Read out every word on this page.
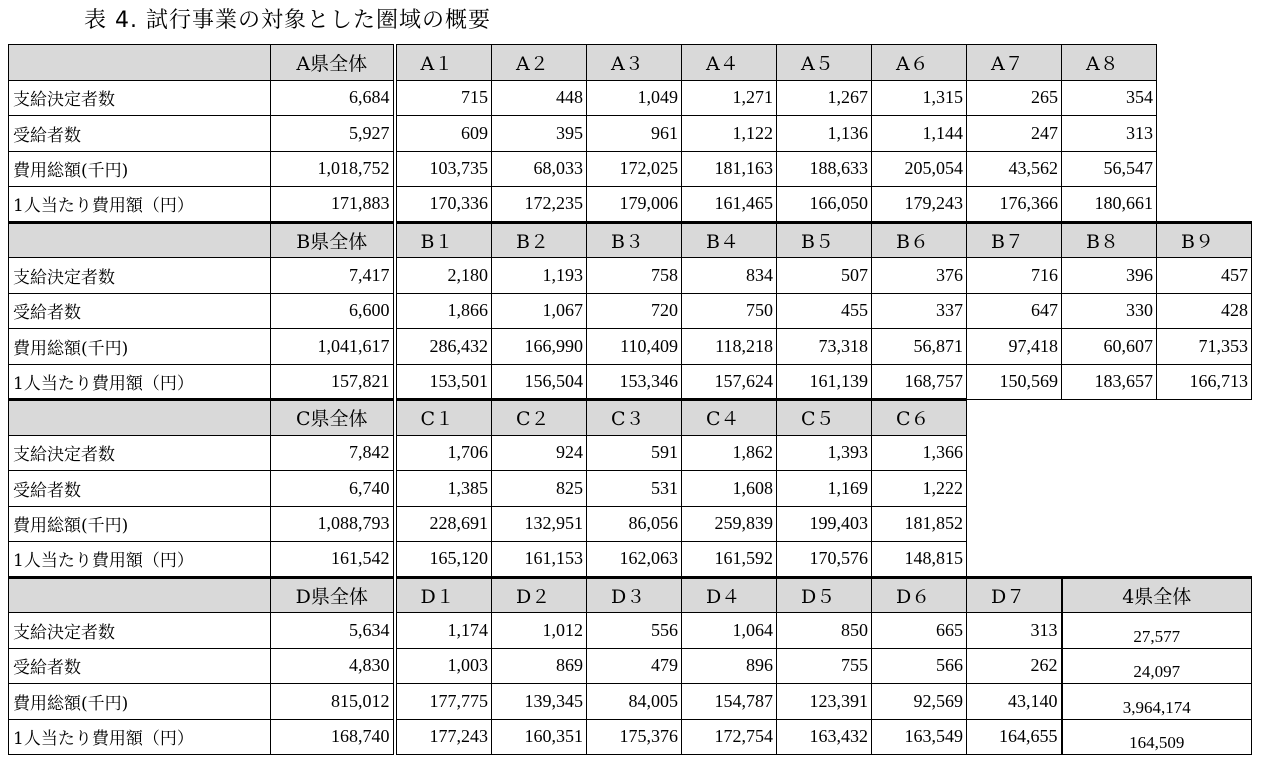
表 4. 試行事業の対象とした圏域の概要
	A県全体	A１	A２	A３	A４	A５	A６	A７	A８	
支給決定者数	6,684	715	448	1,049	1,271	1,267	1,315	265	354	
受給者数	5,927	609	395	961	1,122	1,136	1,144	247	313	
費用総額(千円)	1,018,752	103,735	68,033	172,025	181,163	188,633	205,054	43,562	56,547	
1人当たり費用額（円）	171,883	170,336	172,235	179,006	161,465	166,050	179,243	176,366	180,661	
	B県全体	B１	B２	B３	B４	B５	B６	B７	B８	B９
支給決定者数	7,417	2,180	1,193	758	834	507	376	716	396	457
受給者数	6,600	1,866	1,067	720	750	455	337	647	330	428
費用総額(千円)	1,041,617	286,432	166,990	110,409	118,218	73,318	56,871	97,418	60,607	71,353
1人当たり費用額（円）	157,821	153,501	156,504	153,346	157,624	161,139	168,757	150,569	183,657	166,713
	C県全体	C１	C２	C３	C４	C５	C６			
支給決定者数	7,842	1,706	924	591	1,862	1,393	1,366			
受給者数	6,740	1,385	825	531	1,608	1,169	1,222			
費用総額(千円)	1,088,793	228,691	132,951	86,056	259,839	199,403	181,852			
1人当たり費用額（円）	161,542	165,120	161,153	162,063	161,592	170,576	148,815			
	D県全体	D１	D２	D３	D４	D５	D６	D７	4県全体	
支給決定者数	5,634	1,174	1,012	556	1,064	850	665	313	27,577	
受給者数	4,830	1,003	869	479	896	755	566	262	24,097	
費用総額(千円)	815,012	177,775	139,345	84,005	154,787	123,391	92,569	43,140	3,964,174	
1人当たり費用額（円）	168,740	177,243	160,351	175,376	172,754	163,432	163,549	164,655	164,509	
